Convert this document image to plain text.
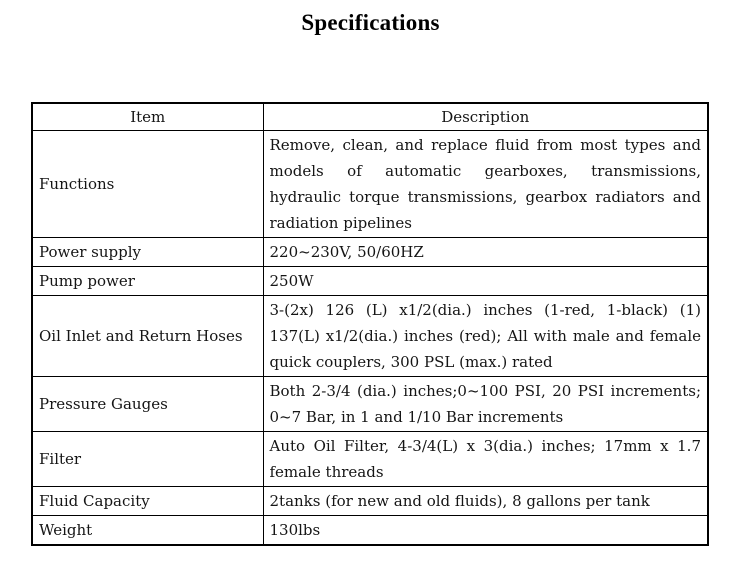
Specifications
Item	Description
Functions	Remove, clean, and replace fluid from most types and models of automatic gearboxes, transmissions, hydraulic torque transmissions, gearbox radiators and radiation pipelines
Power supply	220~230V, 50/60HZ
Pump power	250W
Oil Inlet and Return Hoses	3-(2x) 126 (L) x1/2(dia.) inches (1-red, 1-black) (1) 137(L) x1/2(dia.) inches (red); All with male and female quick couplers, 300 PSL (max.) rated
Pressure Gauges	Both 2-3/4 (dia.) inches;0~100 PSI, 20 PSI increments; 0~7 Bar, in 1 and 1/10 Bar increments
Filter	Auto Oil Filter, 4-3/4(L) x 3(dia.) inches; 17mm x 1.7 female threads
Fluid Capacity	2tanks (for new and old fluids), 8 gallons per tank
Weight	130lbs
